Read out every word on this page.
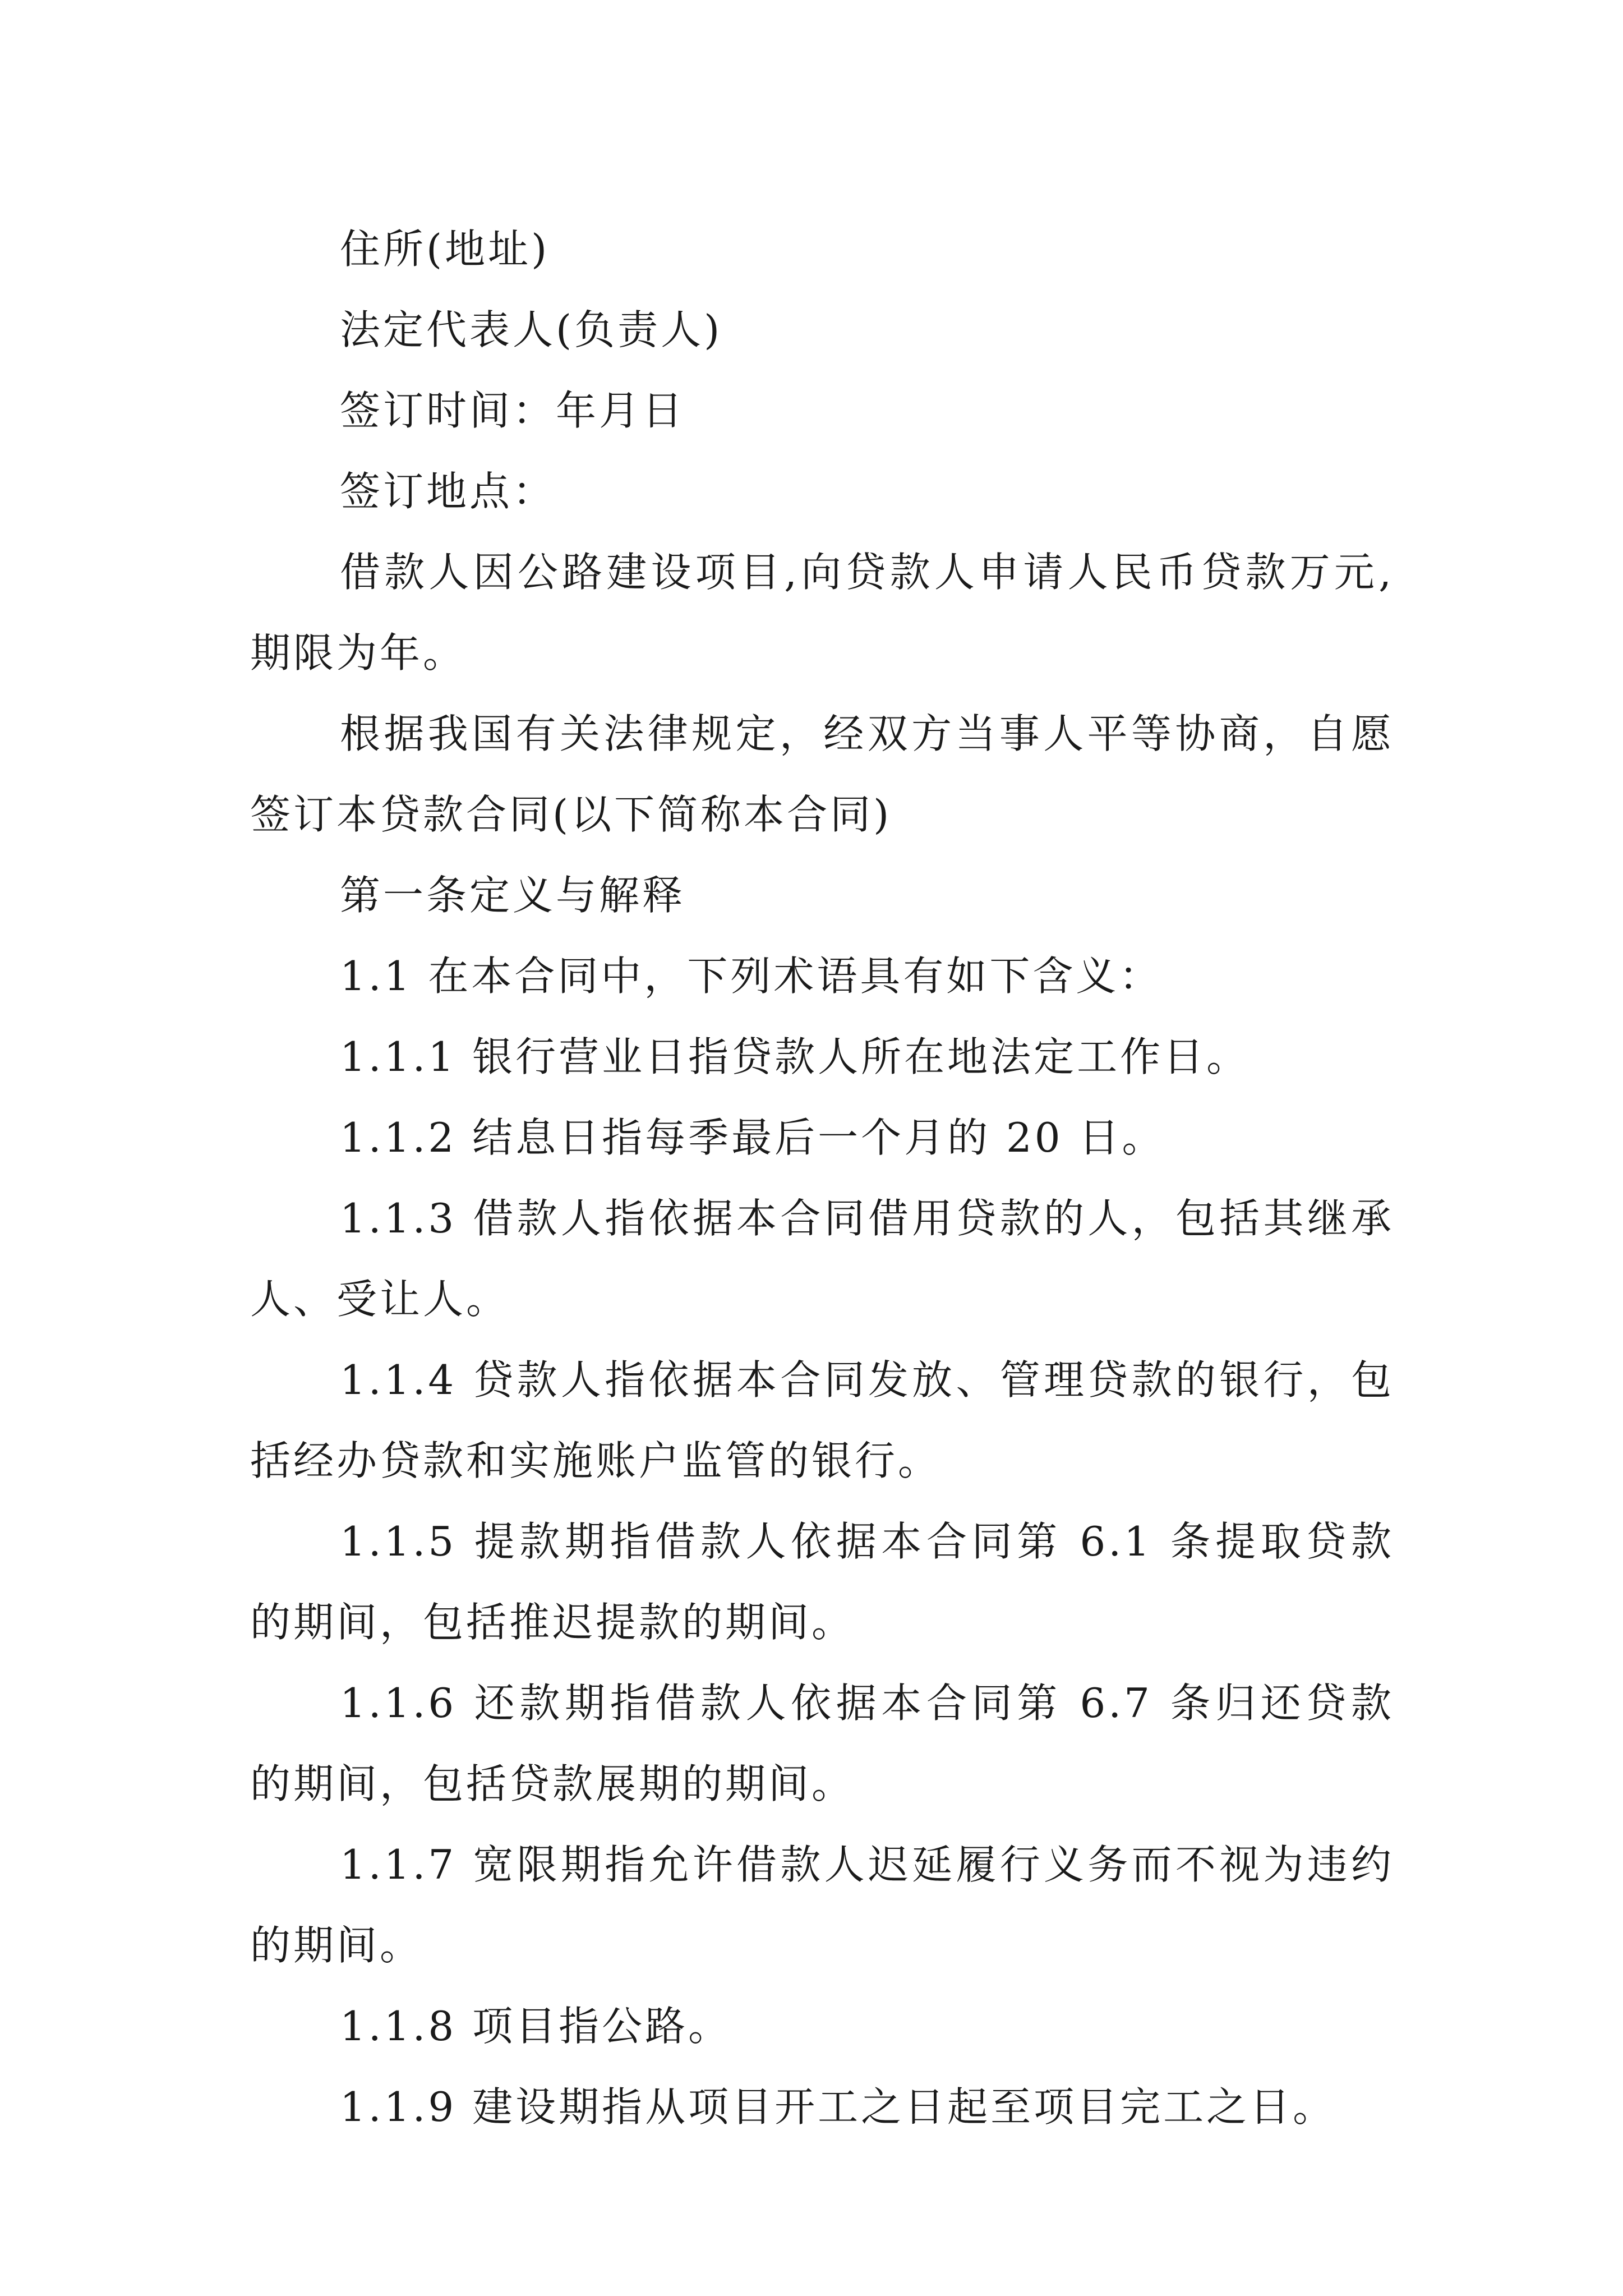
住所(地址)

法定代表人(负责人)

签订时间：年月日

签订地点：

借款人因公路建设项目,向贷款人申请人民币贷款万元,期限为年。

根据我国有关法律规定，经双方当事人平等协商，自愿签订本贷款合同(以下简称本合同)

第一条定义与解释

1.1 在本合同中，下列术语具有如下含义：

1.1.1 银行营业日指贷款人所在地法定工作日。

1.1.2 结息日指每季最后一个月的 20 日。

1.1.3 借款人指依据本合同借用贷款的人，包括其继承人、受让人。

1.1.4 贷款人指依据本合同发放、管理贷款的银行，包括经办贷款和实施账户监管的银行。

1.1.5 提款期指借款人依据本合同第 6.1 条提取贷款的期间，包括推迟提款的期间。

1.1.6 还款期指借款人依据本合同第 6.7 条归还贷款的期间，包括贷款展期的期间。

1.1.7 宽限期指允许借款人迟延履行义务而不视为违约的期间。

1.1.8 项目指公路。

1.1.9 建设期指从项目开工之日起至项目完工之日。
